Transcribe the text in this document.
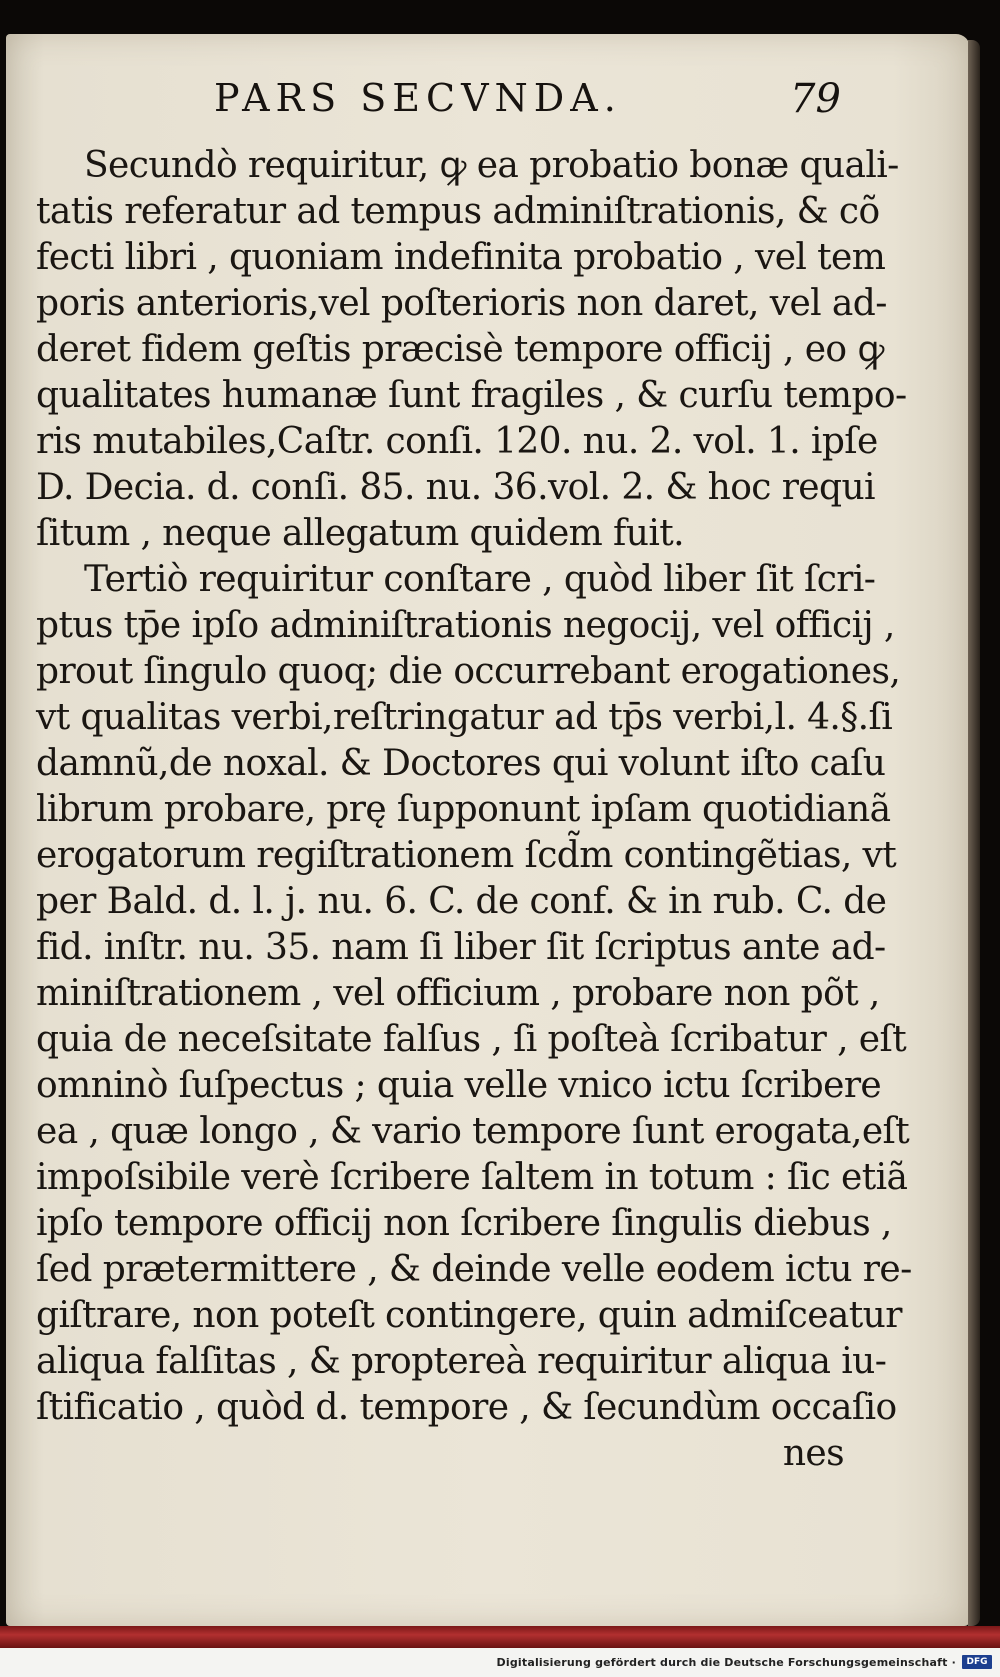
PARS SECVNDA.	79
Secundò requiritur, ꝙ ea probatio bonæ quali-
tatis referatur ad tempus adminiſtrationis, & cõ
fecti libri , quoniam indefinita probatio , vel tem
poris anterioris,vel poſterioris non daret, vel ad-
deret fidem geſtis præcisè tempore officij , eo ꝙ
qualitates humanæ ſunt fragiles , & curſu tempo-
ris mutabiles,Caſtr. conſi. 120. nu. 2. vol. 1. ipſe
D. Decia. d. conſi. 85. nu. 36.vol. 2. & hoc requi
ſitum , neque allegatum quidem fuit.
Tertiò requiritur conſtare , quòd liber ſit ſcri-
ptus tp̄e ipſo adminiſtrationis negocij, vel officij ,
prout ſingulo quoq; die occurrebant erogationes,
vt qualitas verbi,reſtringatur ad tp̄s verbi,l. 4.§.ſi
damnũ,de noxal. & Doctores qui volunt iſto caſu
librum probare, prę ſupponunt ipſam quotidianã
erogatorum regiſtrationem ſcd̃m contingẽtias, vt
per Bald. d. l. j. nu. 6. C. de conf. & in rub. C. de
fid. inſtr. nu. 35. nam ſi liber ſit ſcriptus ante ad-
miniſtrationem , vel officium , probare non põt ,
quia de neceſsitate falſus , ſi poſteà ſcribatur , eſt
omninò ſuſpectus ; quia velle vnico ictu ſcribere
ea , quæ longo , & vario tempore ſunt erogata,eſt
impoſsibile verè ſcribere ſaltem in totum : ſic etiã
ipſo tempore officij non ſcribere ſingulis diebus ,
ſed prætermittere , & deinde velle eodem ictu re-
giſtrare, non poteſt contingere, quin admiſceatur
aliqua falſitas , & proptereà requiritur aliqua iu-
ſtificatio , quòd d. tempore , & ſecundùm occaſio
nes
Digitalisierung gefördert durch die Deutsche Forschungsgemeinschaft ·	DFG
